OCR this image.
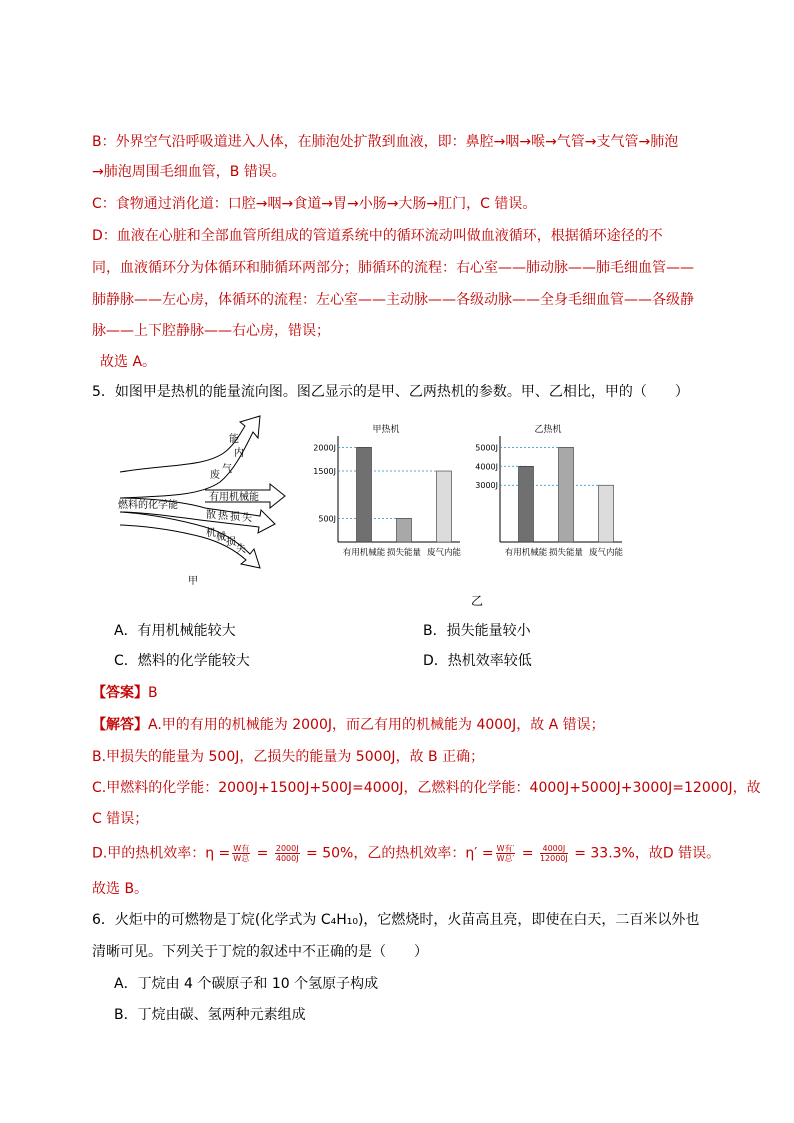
B：外界空气沿呼吸道进入人体，在肺泡处扩散到血液，即：鼻腔→咽→喉→气管→支气管→肺泡
→肺泡周围毛细血管，B 错误。
C：食物通过消化道：口腔→咽→食道→胃→小肠→大肠→肛门，C 错误。
D：血液在心脏和全部血管所组成的管道系统中的循环流动叫做血液循环，根据循环途径的不
同，血液循环分为体循环和肺循环两部分；肺循环的流程：右心室——肺动脉——肺毛细血管——
肺静脉——左心房，体循环的流程：左心室——主动脉——各级动脉——全身毛细血管——各级静
脉——上下腔静脉——右心房，错误；
故选 A。
5．如图甲是热机的能量流向图。图乙显示的是甲、乙两热机的参数。甲、乙相比，甲的（　　）
燃料的化学能
废
气
内
能
有用机械能
散 热 损 失
机 械 损
失
甲
甲热机
2000J
1500J
500J
有用机械能 损失能量 废气内能
乙热机
5000J
4000J
3000J
有用机械能 损失能量 废气内能
乙
A．有用机械能较大	B．损失能量较小
C．燃料的化学能较大	D．热机效率较低
【答案】B
【解答】A.甲的有用的机械能为 2000J，而乙有用的机械能为 4000J，故 A 错误；
B.甲损失的能量为 500J，乙损失的能量为 5000J，故 B 正确；
C.甲燃料的化学能：2000J+1500J+500J=4000J，乙燃料的化学能：4000J+5000J+3000J=12000J，故
C 错误；
D.甲的热机效率：$\eta = \frac{\text{W有}}{\text{W总}} = \frac{2000J}{4000J} = 50\%$，乙的热机效率：$\eta' = \frac{\text{W有′}}{\text{W总′}} = \frac{4000J}{12000J} = 33.3\%$，故D 错误。
故选 B。
6．火炬中的可燃物是丁烷(化学式为 C₄H₁₀)，它燃烧时，火苗高且亮，即使在白天，二百米以外也
清晰可见。下列关于丁烷的叙述中不正确的是（　　）
A．丁烷由 4 个碳原子和 10 个氢原子构成
B．丁烷由碳、氢两种元素组成
